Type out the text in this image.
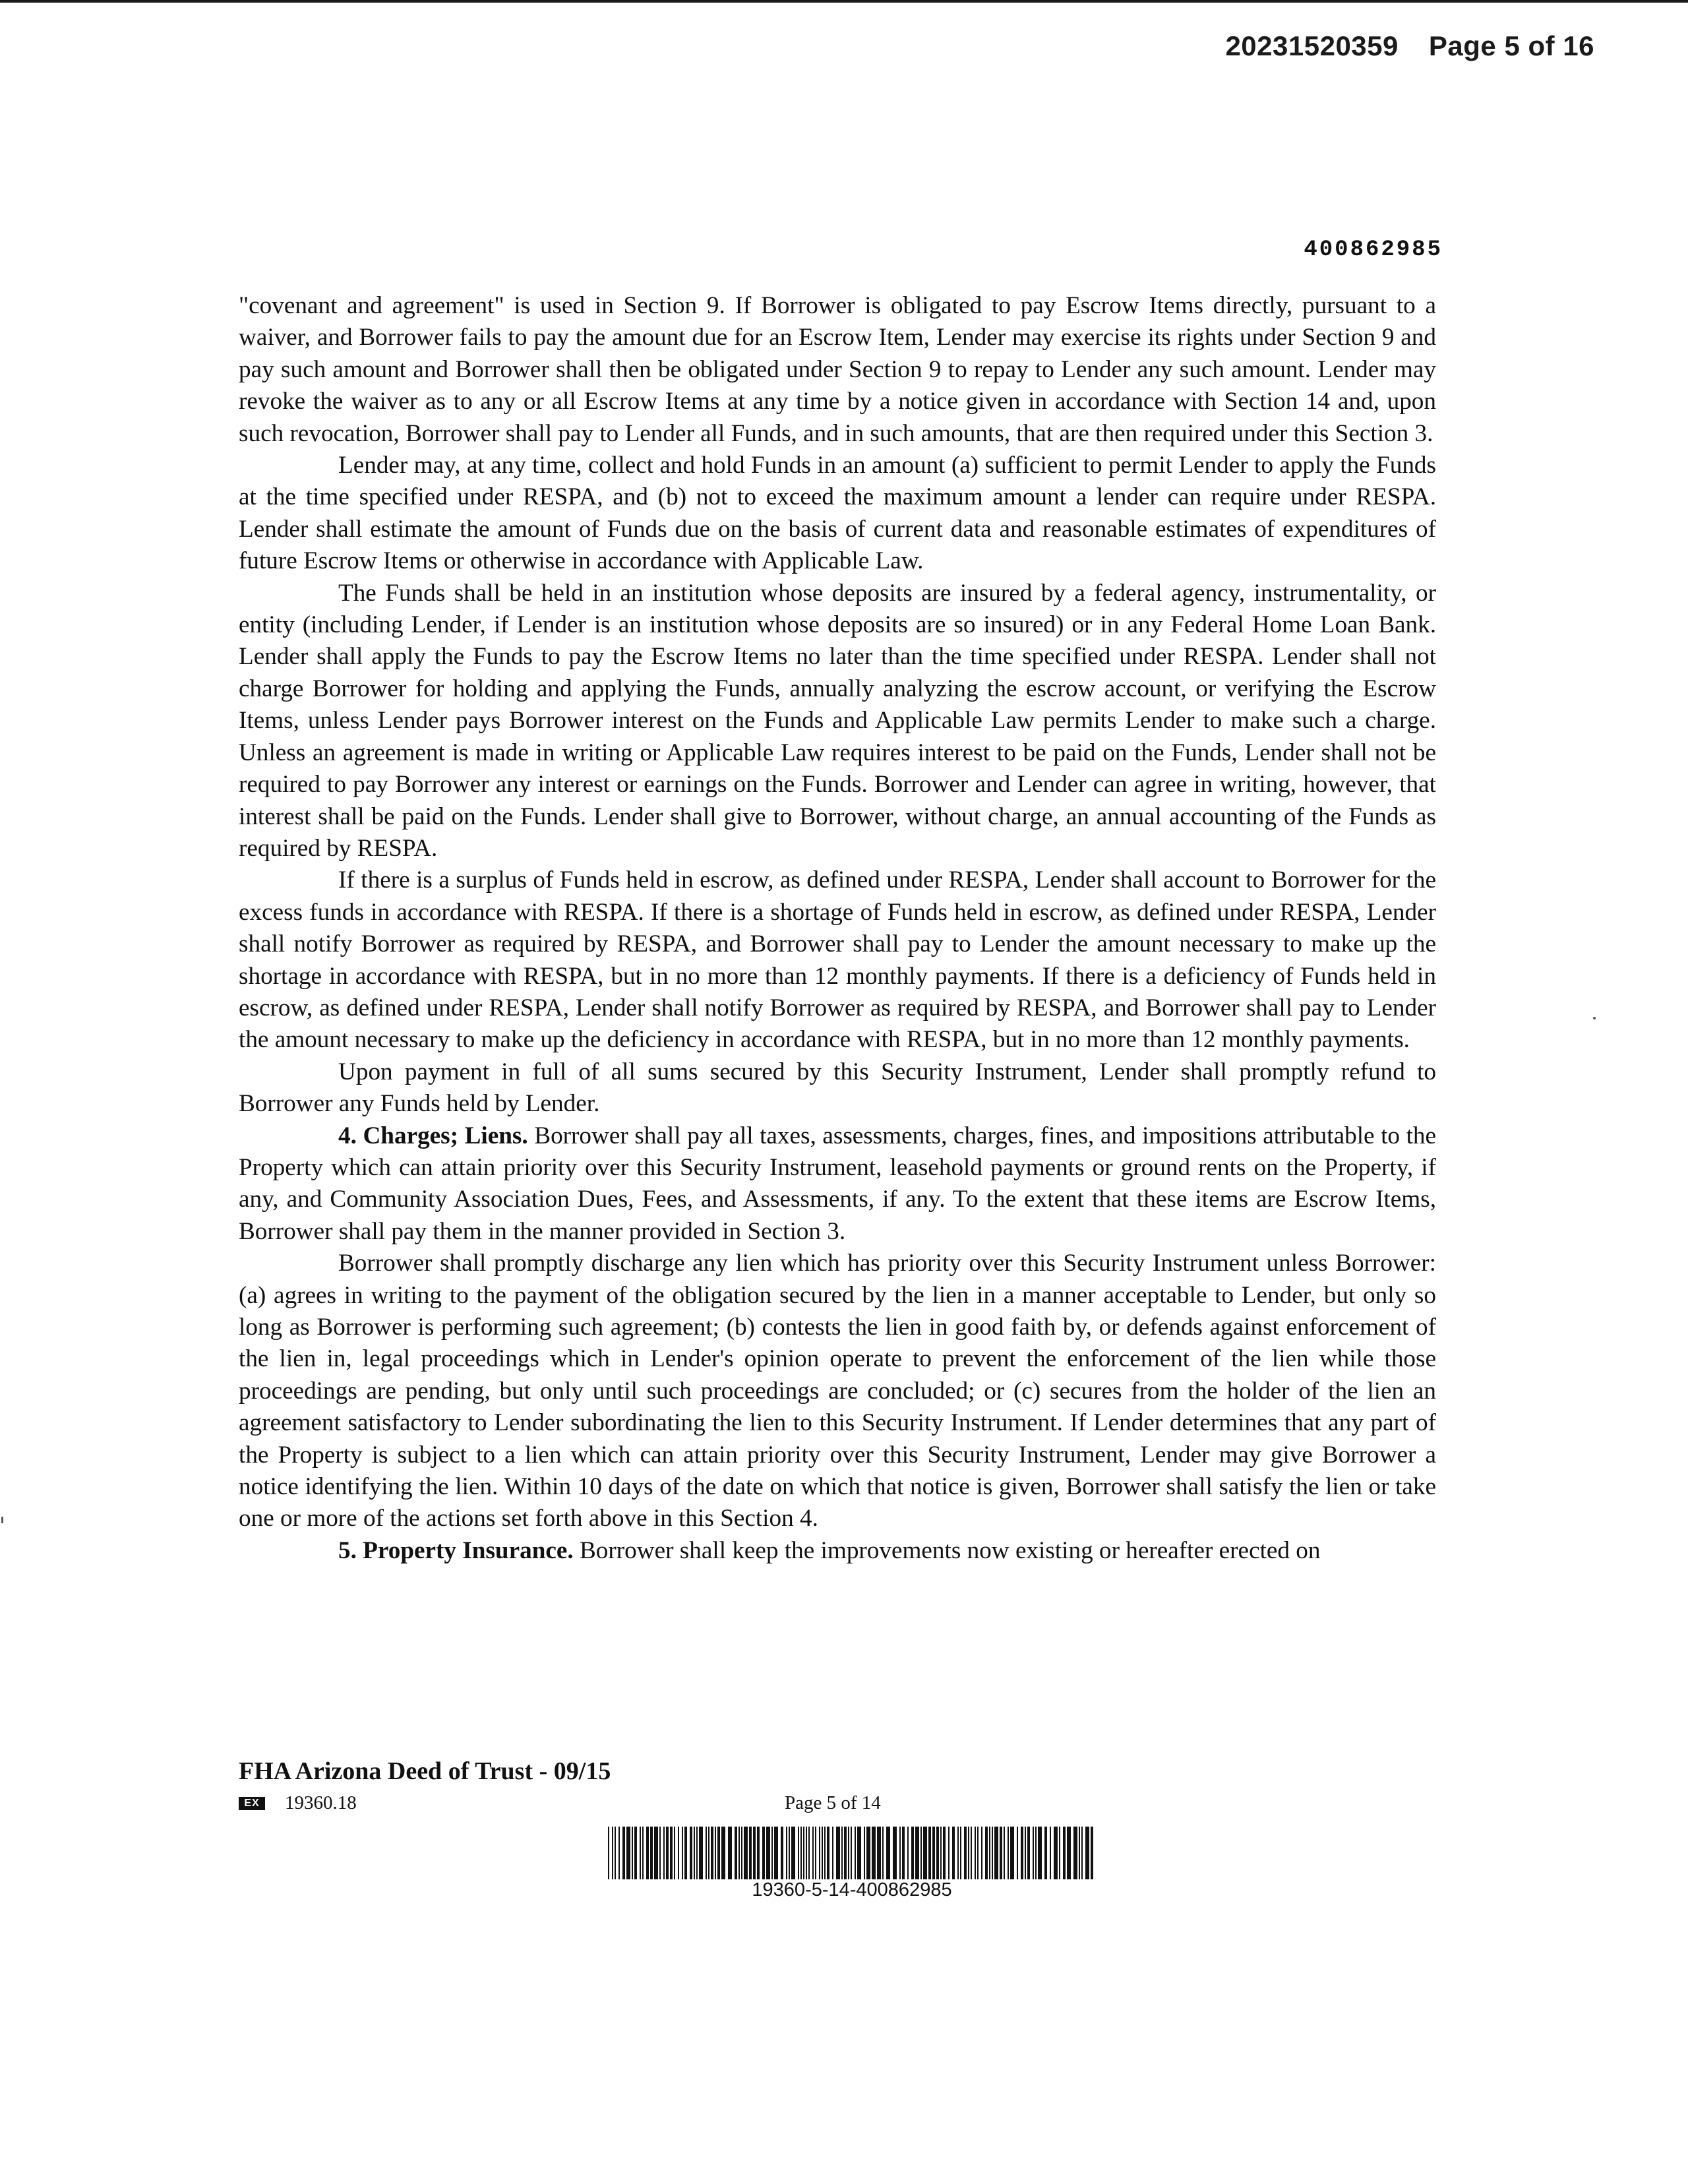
20231520359 Page 5 of 16
400862985

"covenant and agreement" is used in Section 9. If Borrower is obligated to pay Escrow Items directly, pursuant to a waiver, and Borrower fails to pay the amount due for an Escrow Item, Lender may exercise its rights under Section 9 and pay such amount and Borrower shall then be obligated under Section 9 to repay to Lender any such amount. Lender may revoke the waiver as to any or all Escrow Items at any time by a notice given in accordance with Section 14 and, upon such revocation, Borrower shall pay to Lender all Funds, and in such amounts, that are then required under this Section 3.

Lender may, at any time, collect and hold Funds in an amount (a) sufficient to permit Lender to apply the Funds at the time specified under RESPA, and (b) not to exceed the maximum amount a lender can require under RESPA. Lender shall estimate the amount of Funds due on the basis of current data and reasonable estimates of expenditures of future Escrow Items or otherwise in accordance with Applicable Law.

The Funds shall be held in an institution whose deposits are insured by a federal agency, instrumentality, or entity (including Lender, if Lender is an institution whose deposits are so insured) or in any Federal Home Loan Bank. Lender shall apply the Funds to pay the Escrow Items no later than the time specified under RESPA. Lender shall not charge Borrower for holding and applying the Funds, annually analyzing the escrow account, or verifying the Escrow Items, unless Lender pays Borrower interest on the Funds and Applicable Law permits Lender to make such a charge. Unless an agreement is made in writing or Applicable Law requires interest to be paid on the Funds, Lender shall not be required to pay Borrower any interest or earnings on the Funds. Borrower and Lender can agree in writing, however, that interest shall be paid on the Funds. Lender shall give to Borrower, without charge, an annual accounting of the Funds as required by RESPA.

If there is a surplus of Funds held in escrow, as defined under RESPA, Lender shall account to Borrower for the excess funds in accordance with RESPA. If there is a shortage of Funds held in escrow, as defined under RESPA, Lender shall notify Borrower as required by RESPA, and Borrower shall pay to Lender the amount necessary to make up the shortage in accordance with RESPA, but in no more than 12 monthly payments. If there is a deficiency of Funds held in escrow, as defined under RESPA, Lender shall notify Borrower as required by RESPA, and Borrower shall pay to Lender the amount necessary to make up the deficiency in accordance with RESPA, but in no more than 12 monthly payments.

Upon payment in full of all sums secured by this Security Instrument, Lender shall promptly refund to Borrower any Funds held by Lender.

4. Charges; Liens. Borrower shall pay all taxes, assessments, charges, fines, and impositions attributable to the Property which can attain priority over this Security Instrument, leasehold payments or ground rents on the Property, if any, and Community Association Dues, Fees, and Assessments, if any. To the extent that these items are Escrow Items, Borrower shall pay them in the manner provided in Section 3.

Borrower shall promptly discharge any lien which has priority over this Security Instrument unless Borrower: (a) agrees in writing to the payment of the obligation secured by the lien in a manner acceptable to Lender, but only so long as Borrower is performing such agreement; (b) contests the lien in good faith by, or defends against enforcement of the lien in, legal proceedings which in Lender's opinion operate to prevent the enforcement of the lien while those proceedings are pending, but only until such proceedings are concluded; or (c) secures from the holder of the lien an agreement satisfactory to Lender subordinating the lien to this Security Instrument. If Lender determines that any part of the Property is subject to a lien which can attain priority over this Security Instrument, Lender may give Borrower a notice identifying the lien. Within 10 days of the date on which that notice is given, Borrower shall satisfy the lien or take one or more of the actions set forth above in this Section 4.

5. Property Insurance. Borrower shall keep the improvements now existing or hereafter erected on

FHA Arizona Deed of Trust - 09/15
EX 19360.18	Page 5 of 14
19360-5-14-400862985
